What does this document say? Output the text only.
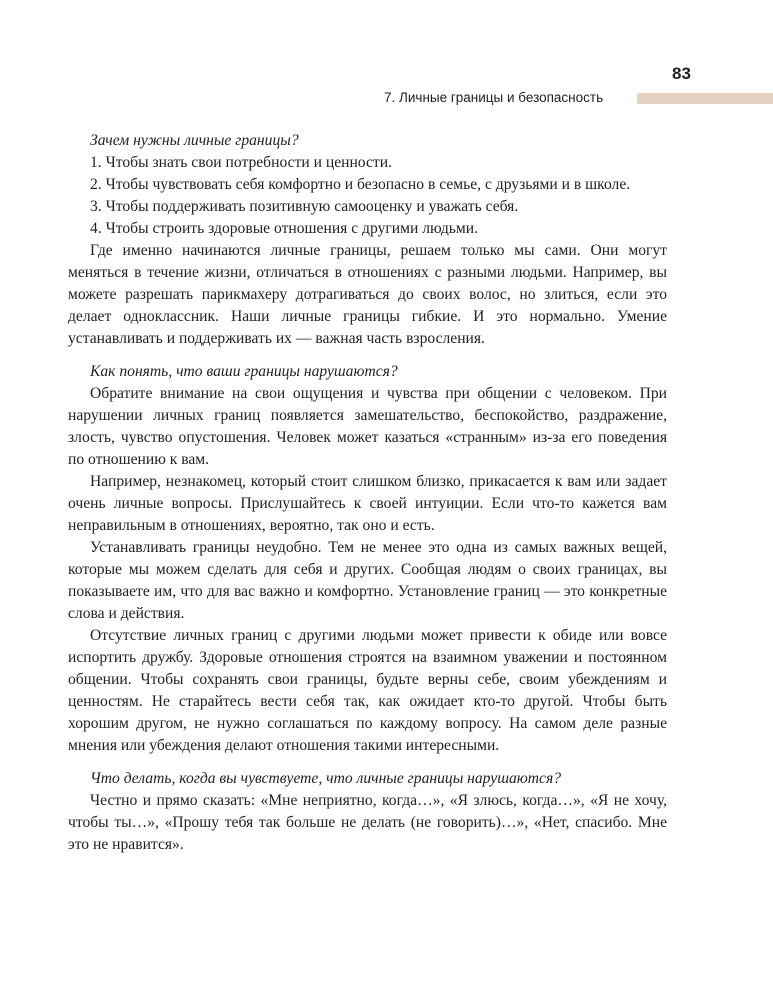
83
7. Личные границы и безопасность

Зачем нужны личные границы?

1. Чтобы знать свои потребности и ценности.

2. Чтобы чувствовать себя комфортно и безопасно в семье, с друзьями и в школе.

3. Чтобы поддерживать позитивную самооценку и уважать себя.

4. Чтобы строить здоровые отношения с другими людьми.

Где именно начинаются личные границы, решаем только мы сами. Они могут меняться в течение жизни, отличаться в отношениях с разными людьми. Например, вы можете разрешать парикмахеру дотрагиваться до своих волос, но злиться, если это делает одноклассник. Наши личные границы гибкие. И это нормально. Умение устанавливать и поддерживать их — важная часть взросления.

Как понять, что ваши границы нарушаются?

Обратите внимание на свои ощущения и чувства при общении с человеком. При нарушении личных границ появляется замешательство, беспокойство, раздражение, злость, чувство опустошения. Человек может казаться «странным» из-за его поведения по отношению к вам.

Например, незнакомец, который стоит слишком близко, прикасается к вам или задает очень личные вопросы. Прислушайтесь к своей интуиции. Если что-то кажется вам неправильным в отношениях, вероятно, так оно и есть.

Устанавливать границы неудобно. Тем не менее это одна из самых важных вещей, которые мы можем сделать для себя и других. Сообщая людям о своих границах, вы показываете им, что для вас важно и комфортно. Установление границ — это конкретные слова и действия.

Отсутствие личных границ с другими людьми может привести к обиде или вовсе испортить дружбу. Здоровые отношения строятся на взаимном уважении и постоянном общении. Чтобы сохранять свои границы, будьте верны себе, своим убеждениям и ценностям. Не старайтесь вести себя так, как ожидает кто-то другой. Чтобы быть хорошим другом, не нужно соглашаться по каждому вопросу. На самом деле разные мнения или убеждения делают отношения такими интересными.

Что делать, когда вы чувствуете, что личные границы нарушаются?

Честно и прямо сказать: «Мне неприятно, когда…», «Я злюсь, когда…», «Я не хочу, чтобы ты…», «Прошу тебя так больше не делать (не говорить)…», «Нет, спасибо. Мне это не нравится».
